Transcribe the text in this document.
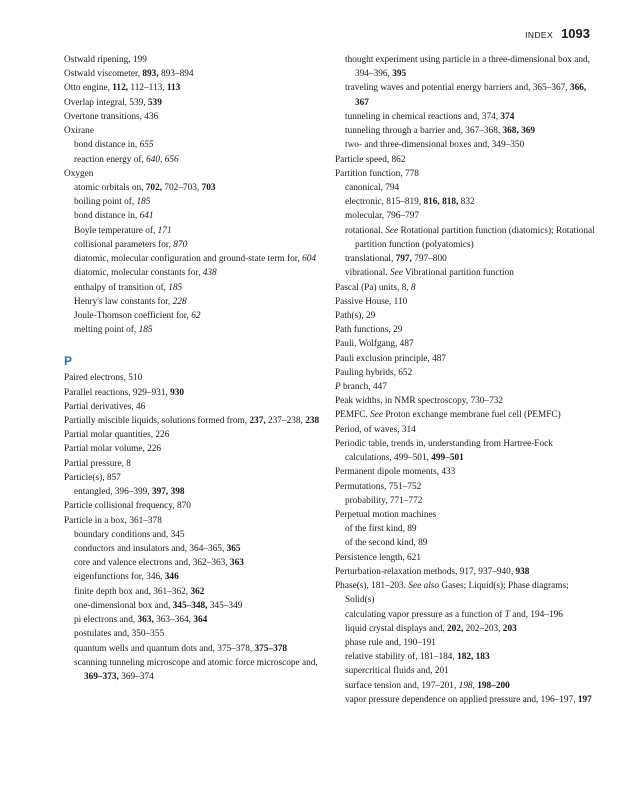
INDEX 1093
Ostwald ripening, 199
Ostwald viscometer, 893, 893–894
Otto engine, 112, 112–113, 113
Overlap integral, 539, 539
Overtone transitions, 436
Oxirane
bond distance in, 655
reaction energy of, 640, 656
Oxygen
atomic orbitals on, 702, 702–703, 703
boiling point of, 185
bond distance in, 641
Boyle temperature of, 171
collisional parameters for, 870
diatomic, molecular configuration and ground-state term for, 604
diatomic, molecular constants for, 438
enthalpy of transition of, 185
Henry's law constants for, 228
Joule-Thomson coefficient for, 62
melting point of, 185
P
Paired electrons, 510
Parallel reactions, 929–931, 930
Partial derivatives, 46
Partially miscible liquids, solutions formed from, 237, 237–238, 238
Partial molar quantities, 226
Partial molar volume, 226
Partial pressure, 8
Particle(s), 857
entangled, 396–399, 397, 398
Particle collisional frequency, 870
Particle in a box, 361–378
boundary conditions and, 345
conductors and insulators and, 364–365, 365
core and valence electrons and, 362–363, 363
eigenfunctions for, 346, 346
finite depth box and, 361–362, 362
one-dimensional box and, 345–348, 345–349
pi electrons and, 363, 363–364, 364
postulates and, 350–355
quantum wells and quantum dots and, 375–378, 375–378
scanning tunneling microscope and atomic force microscope and, 369–373, 369–374
thought experiment using particle in a three-dimensional box and, 394–396, 395
traveling waves and potential energy barriers and, 365–367, 366, 367
tunneling in chemical reactions and, 374, 374
tunneling through a barrier and, 367–368, 368, 369
two- and three-dimensional boxes and, 349–350
Particle speed, 862
Partition function, 778
canonical, 794
electronic, 815–819, 816, 818, 832
molecular, 796–797
rotational. See Rotational partition function (diatomics); Rotational partition function (polyatomics)
translational, 797, 797–800
vibrational. See Vibrational partition function
Pascal (Pa) units, 8, 8
Passive House, 110
Path(s), 29
Path functions, 29
Pauli, Wolfgang, 487
Pauli exclusion principle, 487
Pauling hybrids, 652
P branch, 447
Peak widths, in NMR spectroscopy, 730–732
PEMFC. See Proton exchange membrane fuel cell (PEMFC)
Period, of waves, 314
Periodic table, trends in, understanding from Hartree-Fock calculations, 499–501, 499–501
Permanent dipole moments, 433
Permutations, 751–752
probability, 771–772
Perpetual motion machines
of the first kind, 89
of the second kind, 89
Persistence length, 621
Perturbation-relaxation methods, 917, 937–940, 938
Phase(s), 181–203. See also Gases; Liquid(s); Phase diagrams; Solid(s)
calculating vapor pressure as a function of T and, 194–196
liquid crystal displays and, 202, 202–203, 203
phase rule and, 190–191
relative stability of, 181–184, 182, 183
supercritical fluids and, 201
surface tension and, 197–201, 198, 198–200
vapor pressure dependence on applied pressure and, 196–197, 197
